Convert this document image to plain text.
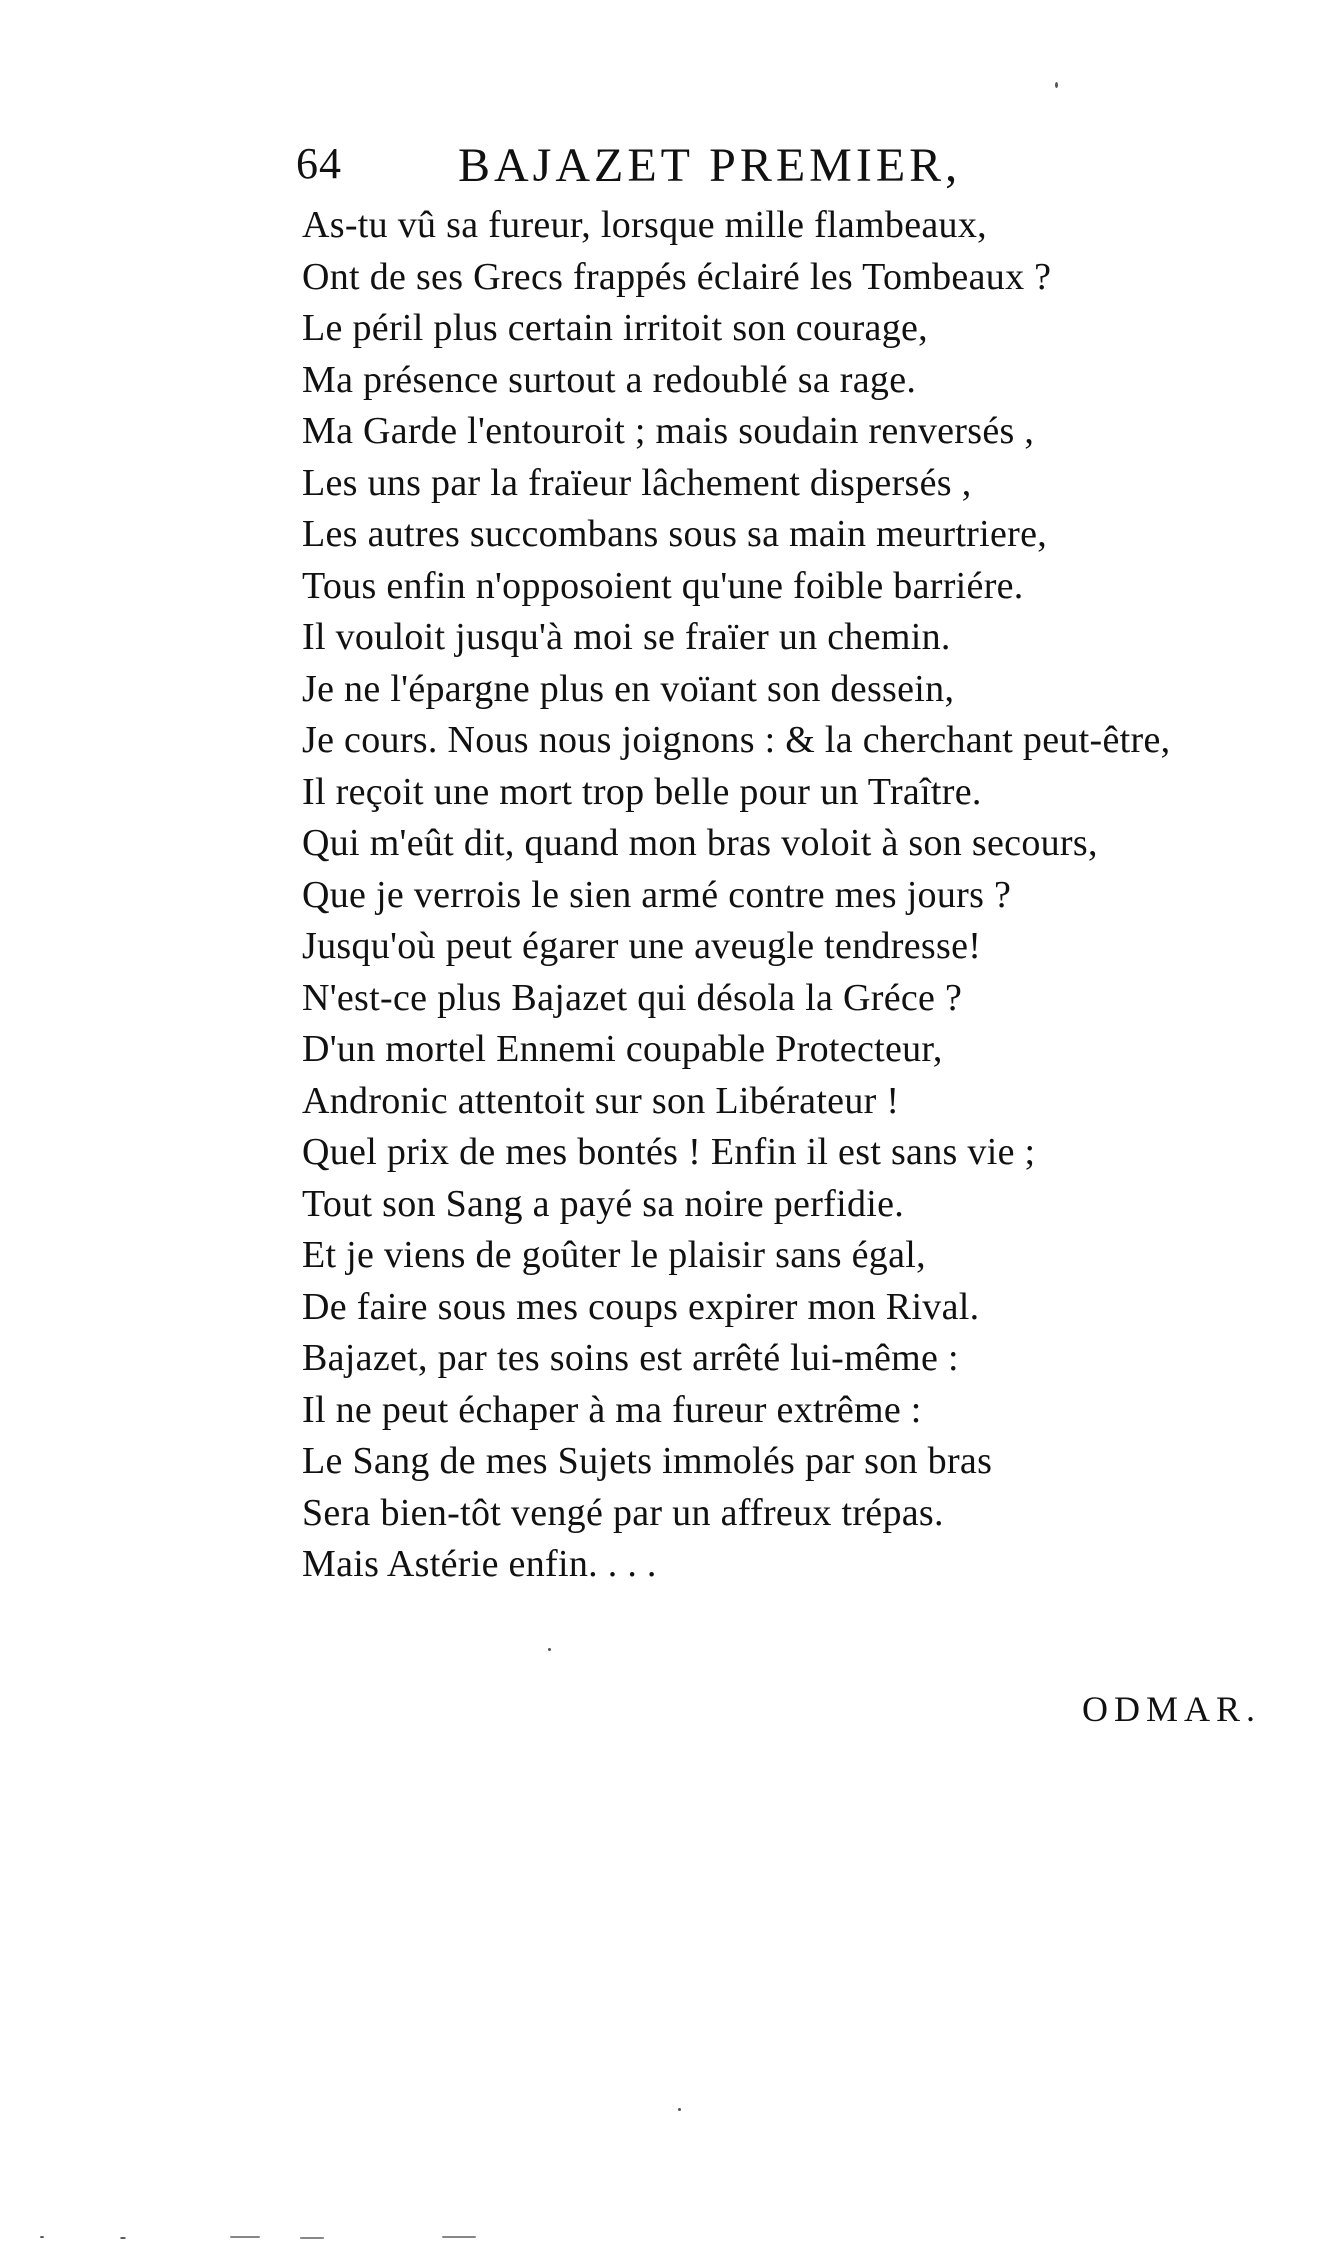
64 BAJAZET PREMIER,
As-tu vû sa fureur, lorsque mille flambeaux,
Ont de ses Grecs frappés éclairé les Tombeaux ?
Le péril plus certain irritoit son courage,
Ma présence surtout a redoublé sa rage.
Ma Garde l'entouroit ; mais soudain renversés ,
Les uns par la fraïeur lâchement dispersés ,
Les autres succombans sous sa main meurtriere,
Tous enfin n'opposoient qu'une foible barriére.
Il vouloit jusqu'à moi se fraïer un chemin.
Je ne l'épargne plus en voïant son dessein,
Je cours. Nous nous joignons : & la cherchant peut-être,
Il reçoit une mort trop belle pour un Traître.
Qui m'eût dit, quand mon bras voloit à son secours,
Que je verrois le sien armé contre mes jours ?
Jusqu'où peut égarer une aveugle tendresse!
N'est-ce plus Bajazet qui désola la Gréce ?
D'un mortel Ennemi coupable Protecteur,
Andronic attentoit sur son Libérateur !
Quel prix de mes bontés ! Enfin il est sans vie ;
Tout son Sang a payé sa noire perfidie.
Et je viens de goûter le plaisir sans égal,
De faire sous mes coups expirer mon Rival.
Bajazet, par tes soins est arrêté lui-même :
Il ne peut échaper à ma fureur extrême :
Le Sang de mes Sujets immolés par son bras
Sera bien-tôt vengé par un affreux trépas.
Mais Astérie enfin. . . .
ODMAR.
